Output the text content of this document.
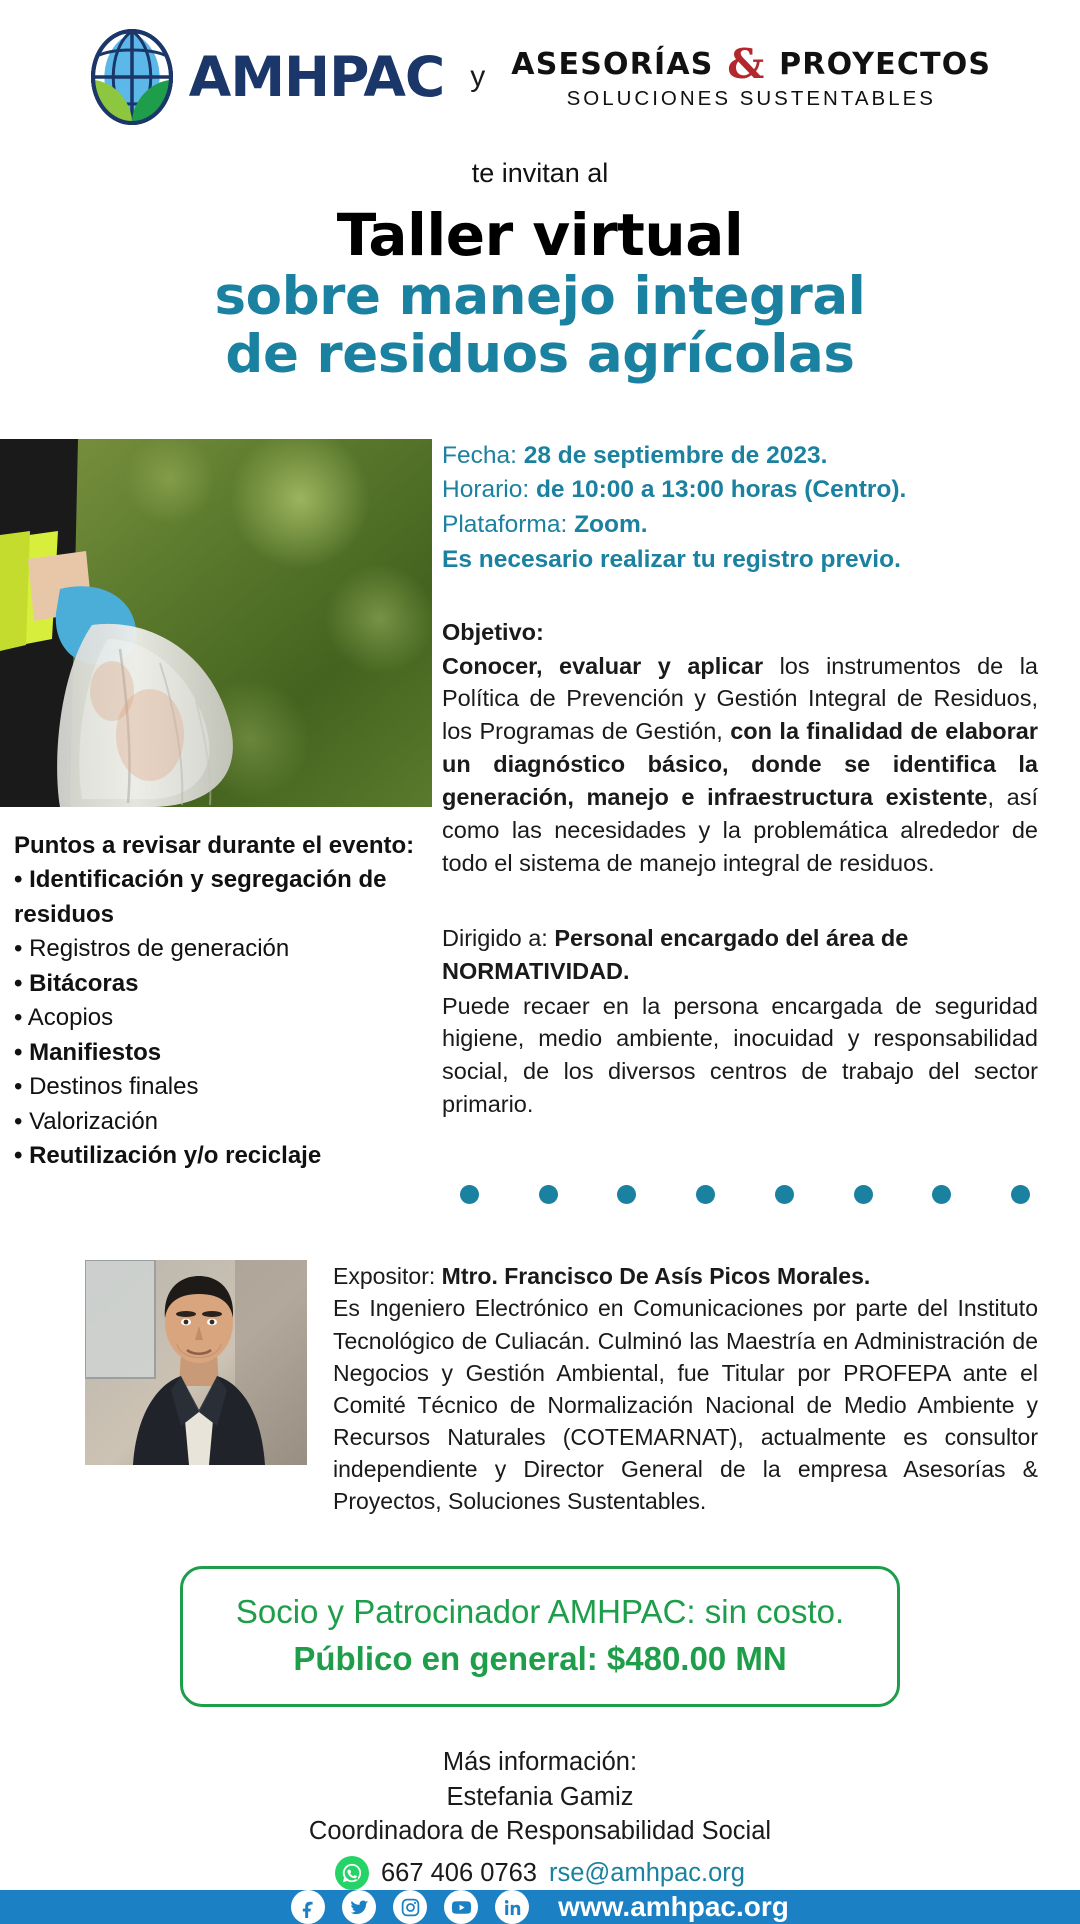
AMHPAC y ASESORÍAS & PROYECTOS
SOLUCIONES SUSTENTABLES
te invitan al
Taller virtual
sobre manejo integral
de residuos agrícolas
Puntos a revisar durante el evento:
• Identificación y segregación de residuos
• Registros de generación
• Bitácoras
• Acopios
• Manifiestos
• Destinos finales
• Valorización
• Reutilización y/o reciclaje
Fecha: 28 de septiembre de 2023.
Horario: de 10:00 a 13:00 horas (Centro).
Plataforma: Zoom.
Es necesario realizar tu registro previo.
Objetivo:
Conocer, evaluar y aplicar los instrumentos de la Política de Prevención y Gestión Integral de Residuos, los Programas de Gestión, con la finalidad de elaborar un diagnóstico básico, donde se identifica la generación, manejo e infraestructura existente, así como las necesidades y la problemática alrededor de todo el sistema de manejo integral de residuos.
Dirigido a: Personal encargado del área de NORMATIVIDAD.
Puede recaer en la persona encargada de seguridad higiene, medio ambiente, inocuidad y responsabilidad social, de los diversos centros de trabajo del sector primario.
Expositor: Mtro. Francisco De Asís Picos Morales.
Es Ingeniero Electrónico en Comunicaciones por parte del Instituto Tecnológico de Culiacán. Culminó las Maestría en Administración de Negocios y Gestión Ambiental, fue Titular por PROFEPA ante el Comité Técnico de Normalización Nacional de Medio Ambiente y Recursos Naturales (COTEMARNAT), actualmente es consultor independiente y Director General de la empresa Asesorías & Proyectos, Soluciones Sustentables.
Socio y Patrocinador AMHPAC: sin costo.
Público en general: $480.00 MN
Más información:
Estefania Gamiz
Coordinadora de Responsabilidad Social
667 406 0763 rse@amhpac.org
www.amhpac.org
